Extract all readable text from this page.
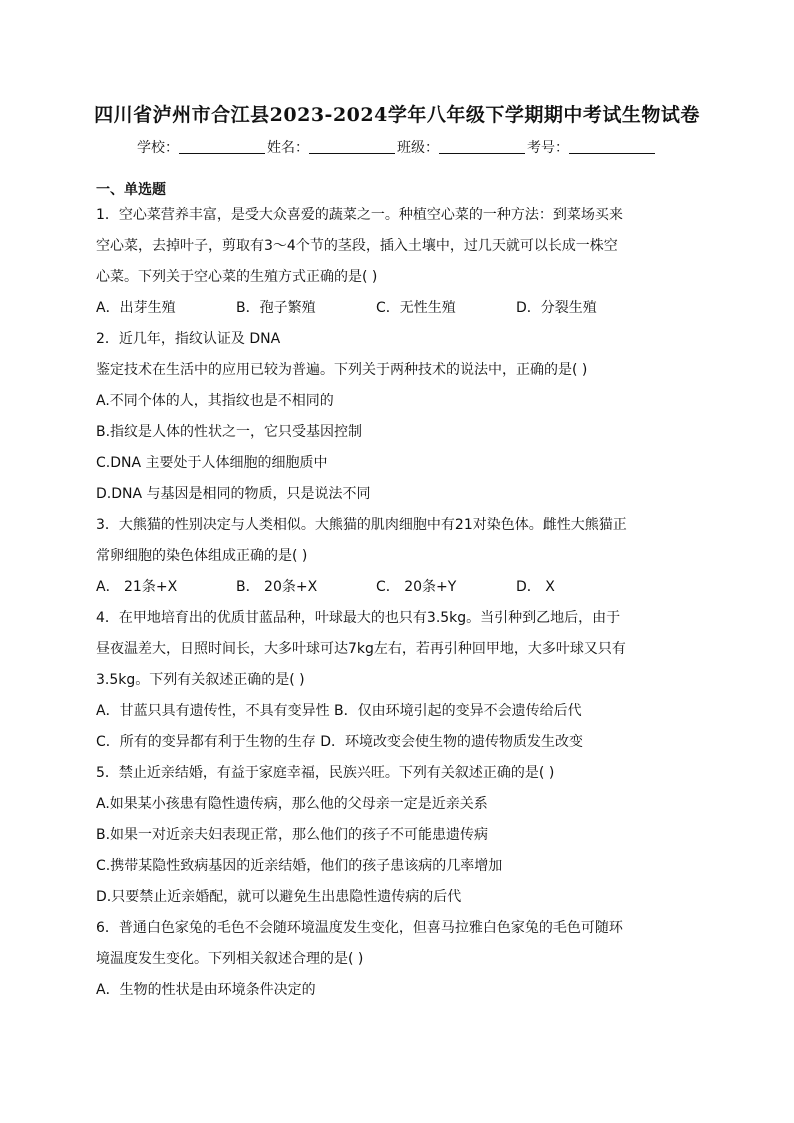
四川省泸州市合江县2023-2024学年八年级下学期期中考试生物试卷
学校：	姓名：	班级：	考号：
一、单选题
1．空心菜营养丰富，是受大众喜爱的蔬菜之一。种植空心菜的一种方法：到菜场买来
空心菜，去掉叶子，剪取有3～4个节的茎段，插入土壤中，过几天就可以长成一株空
心菜。下列关于空心菜的生殖方式正确的是( )
A．出芽生殖	B．孢子繁殖	C．无性生殖	D．分裂生殖
2．近几年，指纹认证及 DNA
鉴定技术在生活中的应用已较为普遍。下列关于两种技术的说法中，正确的是( )
A.不同个体的人，其指纹也是不相同的
B.指纹是人体的性状之一，它只受基因控制
C.DNA 主要处于人体细胞的细胞质中
D.DNA 与基因是相同的物质，只是说法不同
3．大熊猫的性别决定与人类相似。大熊猫的肌肉细胞中有21对染色体。雌性大熊猫正
常卵细胞的染色体组成正确的是( )
A． 21条+X	B． 20条+X	C． 20条+Y	D． X
4．在甲地培育出的优质甘蓝品种，叶球最大的也只有3.5kg。当引种到乙地后，由于
昼夜温差大，日照时间长，大多叶球可达7kg左右，若再引种回甲地，大多叶球又只有
3.5kg。下列有关叙述正确的是( )
A．甘蓝只具有遗传性，不具有变异性 B．仅由环境引起的变异不会遗传给后代
C．所有的变异都有利于生物的生存 D．环境改变会使生物的遗传物质发生改变
5．禁止近亲结婚，有益于家庭幸福，民族兴旺。下列有关叙述正确的是( )
A.如果某小孩患有隐性遗传病，那么他的父母亲一定是近亲关系
B.如果一对近亲夫妇表现正常，那么他们的孩子不可能患遗传病
C.携带某隐性致病基因的近亲结婚，他们的孩子患该病的几率增加
D.只要禁止近亲婚配，就可以避免生出患隐性遗传病的后代
6．普通白色家兔的毛色不会随环境温度发生变化，但喜马拉雅白色家兔的毛色可随环
境温度发生变化。下列相关叙述合理的是( )
A．生物的性状是由环境条件决定的
